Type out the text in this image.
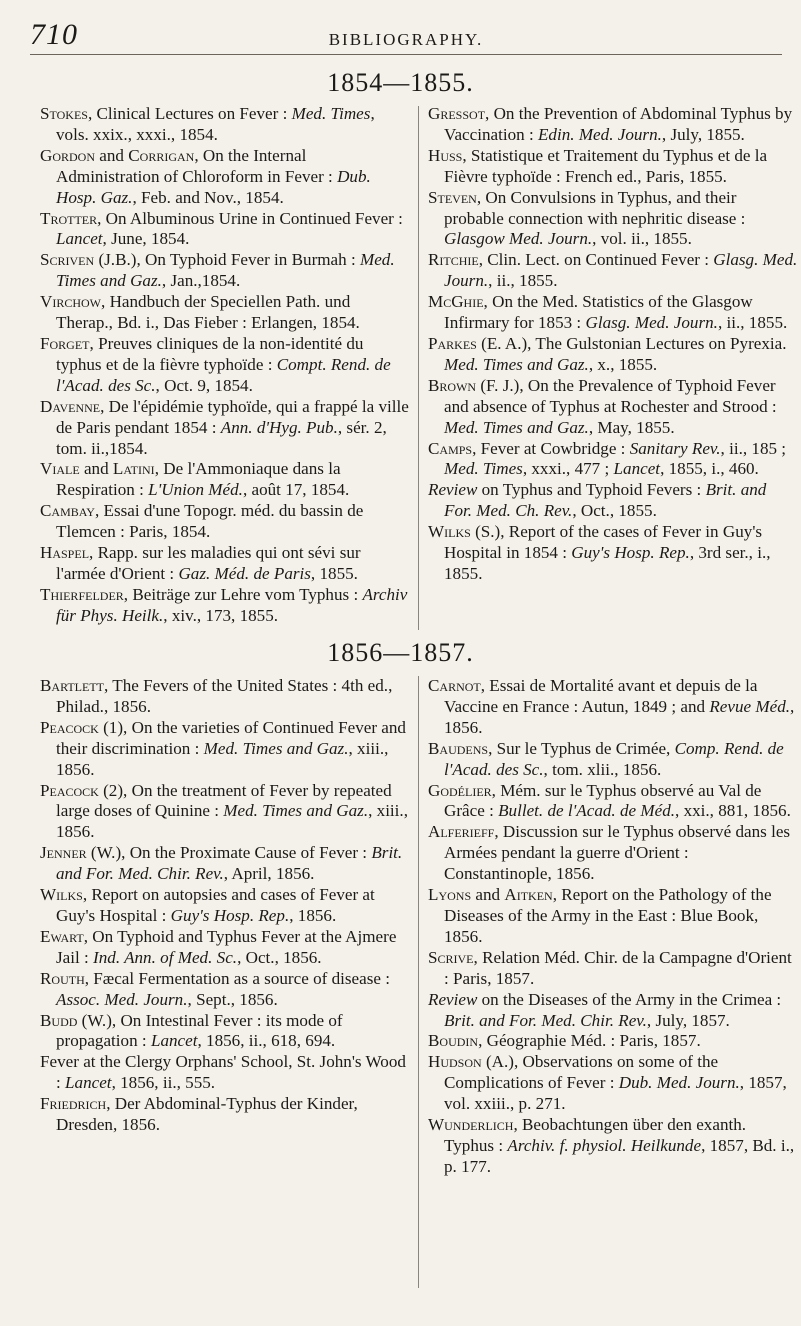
710	BIBLIOGRAPHY.
1854—1855.

Stokes, Clinical Lectures on Fever : Med. Times, vols. xxix., xxxi., 1854.

Gordon and Corrigan, On the Internal Administration of Chloroform in Fever : Dub. Hosp. Gaz., Feb. and Nov., 1854.

Trotter, On Albuminous Urine in Continued Fever : Lancet, June, 1854.

Scriven (J.B.), On Typhoid Fever in Burmah : Med. Times and Gaz., Jan.,1854.

Virchow, Handbuch der Speciellen Path. und Therap., Bd. i., Das Fieber : Erlangen, 1854.

Forget, Preuves cliniques de la non-identité du typhus et de la fièvre typhoïde : Compt. Rend. de l'Acad. des Sc., Oct. 9, 1854.

Davenne, De l'épidémie typhoïde, qui a frappé la ville de Paris pendant 1854 : Ann. d'Hyg. Pub., sér. 2, tom. ii.,1854.

Viale and Latini, De l'Ammoniaque dans la Respiration : L'Union Méd., août 17, 1854.

Cambay, Essai d'une Topogr. méd. du bassin de Tlemcen : Paris, 1854.

Haspel, Rapp. sur les maladies qui ont sévi sur l'armée d'Orient : Gaz. Méd. de Paris, 1855.

Thierfelder, Beiträge zur Lehre vom Typhus : Archiv für Phys. Heilk., xiv., 173, 1855.

Gressot, On the Prevention of Abdominal Typhus by Vaccination : Edin. Med. Journ., July, 1855.

Huss, Statistique et Traitement du Typhus et de la Fièvre typhoïde : French ed., Paris, 1855.

Steven, On Convulsions in Typhus, and their probable connection with nephritic disease : Glasgow Med. Journ., vol. ii., 1855.

Ritchie, Clin. Lect. on Continued Fever : Glasg. Med. Journ., ii., 1855.

McGhie, On the Med. Statistics of the Glasgow Infirmary for 1853 : Glasg. Med. Journ., ii., 1855.

Parkes (E. A.), The Gulstonian Lectures on Pyrexia. Med. Times and Gaz., x., 1855.

Brown (F. J.), On the Prevalence of Typhoid Fever and absence of Typhus at Rochester and Strood : Med. Times and Gaz., May, 1855.

Camps, Fever at Cowbridge : Sanitary Rev., ii., 185 ; Med. Times, xxxi., 477 ; Lancet, 1855, i., 460.

Review on Typhus and Typhoid Fevers : Brit. and For. Med. Ch. Rev., Oct., 1855.

Wilks (S.), Report of the cases of Fever in Guy's Hospital in 1854 : Guy's Hosp. Rep., 3rd ser., i., 1855.

1856—1857.

Bartlett, The Fevers of the United States : 4th ed., Philad., 1856.

Peacock (1), On the varieties of Continued Fever and their discrimination : Med. Times and Gaz., xiii., 1856.

Peacock (2), On the treatment of Fever by repeated large doses of Quinine : Med. Times and Gaz., xiii., 1856.

Jenner (W.), On the Proximate Cause of Fever : Brit. and For. Med. Chir. Rev., April, 1856.

Wilks, Report on autopsies and cases of Fever at Guy's Hospital : Guy's Hosp. Rep., 1856.

Ewart, On Typhoid and Typhus Fever at the Ajmere Jail : Ind. Ann. of Med. Sc., Oct., 1856.

Routh, Fæcal Fermentation as a source of disease : Assoc. Med. Journ., Sept., 1856.

Budd (W.), On Intestinal Fever : its mode of propagation : Lancet, 1856, ii., 618, 694.

Fever at the Clergy Orphans' School, St. John's Wood : Lancet, 1856, ii., 555.

Friedrich, Der Abdominal-Typhus der Kinder, Dresden, 1856.

Carnot, Essai de Mortalité avant et depuis de la Vaccine en France : Autun, 1849 ; and Revue Méd., 1856.

Baudens, Sur le Typhus de Crimée, Comp. Rend. de l'Acad. des Sc., tom. xlii., 1856.

Godélier, Mém. sur le Typhus observé au Val de Grâce : Bullet. de l'Acad. de Méd., xxi., 881, 1856.

Alferieff, Discussion sur le Typhus observé dans les Armées pendant la guerre d'Orient : Constantinople, 1856.

Lyons and Aitken, Report on the Pathology of the Diseases of the Army in the East : Blue Book, 1856.

Scrive, Relation Méd. Chir. de la Campagne d'Orient : Paris, 1857.

Review on the Diseases of the Army in the Crimea : Brit. and For. Med. Chir. Rev., July, 1857.

Boudin, Géographie Méd. : Paris, 1857.

Hudson (A.), Observations on some of the Complications of Fever : Dub. Med. Journ., 1857, vol. xxiii., p. 271.

Wunderlich, Beobachtungen über den exanth. Typhus : Archiv. f. physiol. Heilkunde, 1857, Bd. i., p. 177.
